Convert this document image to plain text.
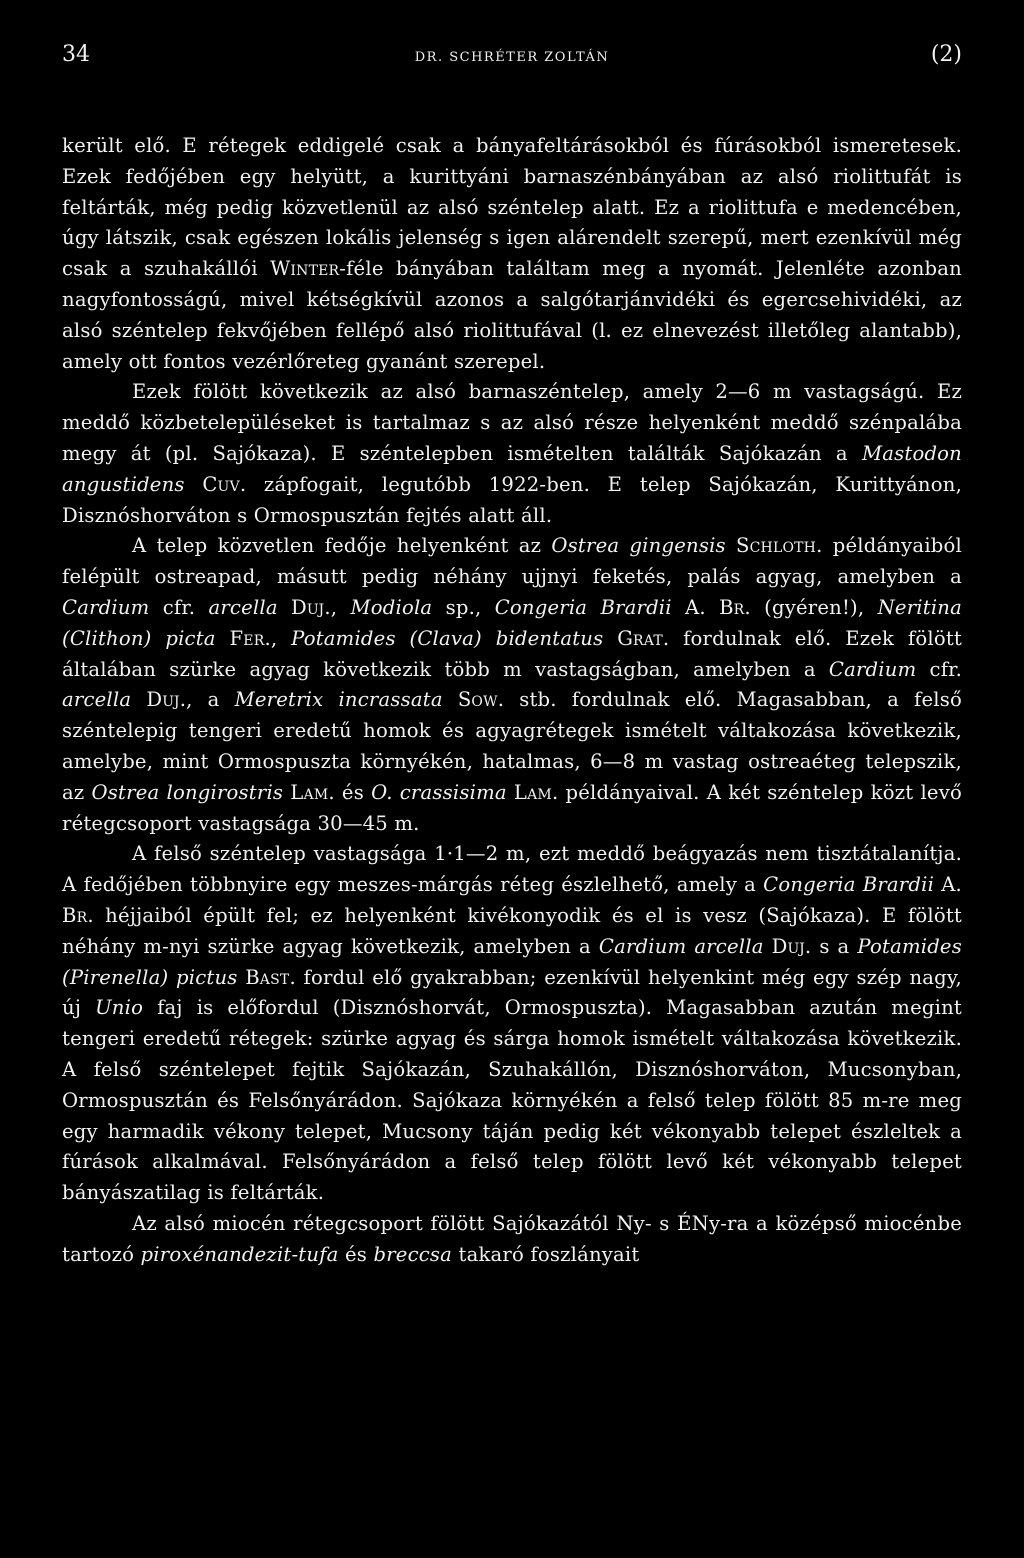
34	DR. SCHRÉTER ZOLTÁN	(2)

került elő. E rétegek eddigelé csak a bányafeltárásokból és fúrásokból ismeretesek. Ezek fedőjében egy helyütt, a kurittyáni barnaszénbányában az alsó riolittufát is feltárták, még pedig közvetlenül az alsó széntelep alatt. Ez a riolittufa e medencében, úgy látszik, csak egészen lokális jelenség s igen alárendelt szerepű, mert ezenkívül még csak a szuhakállói Winter-féle bányában találtam meg a nyomát. Jelenléte azonban nagyfontosságú, mivel kétségkívül azonos a salgótarjánvidéki és egercsehividéki, az alsó széntelep fekvőjében fellépő alsó riolittufával (l. ez elnevezést illetőleg alantabb), amely ott fontos vezérlőreteg gyanánt szerepel.

Ezek fölött következik az alsó barnaszéntelep, amely 2—6 m vastagságú. Ez meddő közbetelepüléseket is tartalmaz s az alsó része helyenként meddő szénpalába megy át (pl. Sajókaza). E széntelepben ismételten találták Sajókazán a Mastodon angustidens Cuv. zápfogait, legutóbb 1922-ben. E telep Sajókazán, Kurittyánon, Disznóshorváton s Ormospusztán fejtés alatt áll.

A telep közvetlen fedője helyenként az Ostrea gingensis Schloth. példányaiból felépült ostreapad, másutt pedig néhány ujjnyi feketés, palás agyag, amelyben a Cardium cfr. arcella Duj., Modiola sp., Congeria Brardii A. Br. (gyéren!), Neritina (Clithon) picta Fer., Potamides (Clava) bidentatus Grat. fordulnak elő. Ezek fölött általában szürke agyag következik több m vastagságban, amelyben a Cardium cfr. arcella Duj., a Meretrix incrassata Sow. stb. fordulnak elő. Magasabban, a felső széntelepig tengeri eredetű homok és agyagrétegek ismételt váltakozása következik, amelybe, mint Ormospuszta környékén, hatalmas, 6—8 m vastag ostreaéteg telepszik, az Ostrea longirostris Lam. és O. crassisima Lam. példányaival. A két széntelep közt levő rétegcsoport vastagsága 30—45 m.

A felső széntelep vastagsága 1·1—2 m, ezt meddő beágyazás nem tisztátalanítja. A fedőjében többnyire egy meszes-márgás réteg észlelhető, amely a Congeria Brardii A. Br. héjjaiból épült fel; ez helyenként kivékonyodik és el is vesz (Sajókaza). E fölött néhány m-nyi szürke agyag következik, amelyben a Cardium arcella Duj. s a Potamides (Pirenella) pictus Bast. fordul elő gyakrabban; ezenkívül helyenkint még egy szép nagy, új Unio faj is előfordul (Disznóshorvát, Ormospuszta). Magasabban azután megint tengeri eredetű rétegek: szürke agyag és sárga homok ismételt váltakozása következik. A felső széntelepet fejtik Sajókazán, Szuhakállón, Disznóshorváton, Mucsonyban, Ormospusztán és Felsőnyárádon. Sajókaza környékén a felső telep fölött 85 m-re meg egy harmadik vékony telepet, Mucsony táján pedig két vékonyabb telepet észleltek a fúrások alkalmával. Felsőnyárádon a felső telep fölött levő két vékonyabb telepet bányászatilag is feltárták.

Az alsó miocén rétegcsoport fölött Sajókazától Ny- s ÉNy-ra a középső miocénbe tartozó piroxénandezit-tufa és breccsa takaró foszlányait
